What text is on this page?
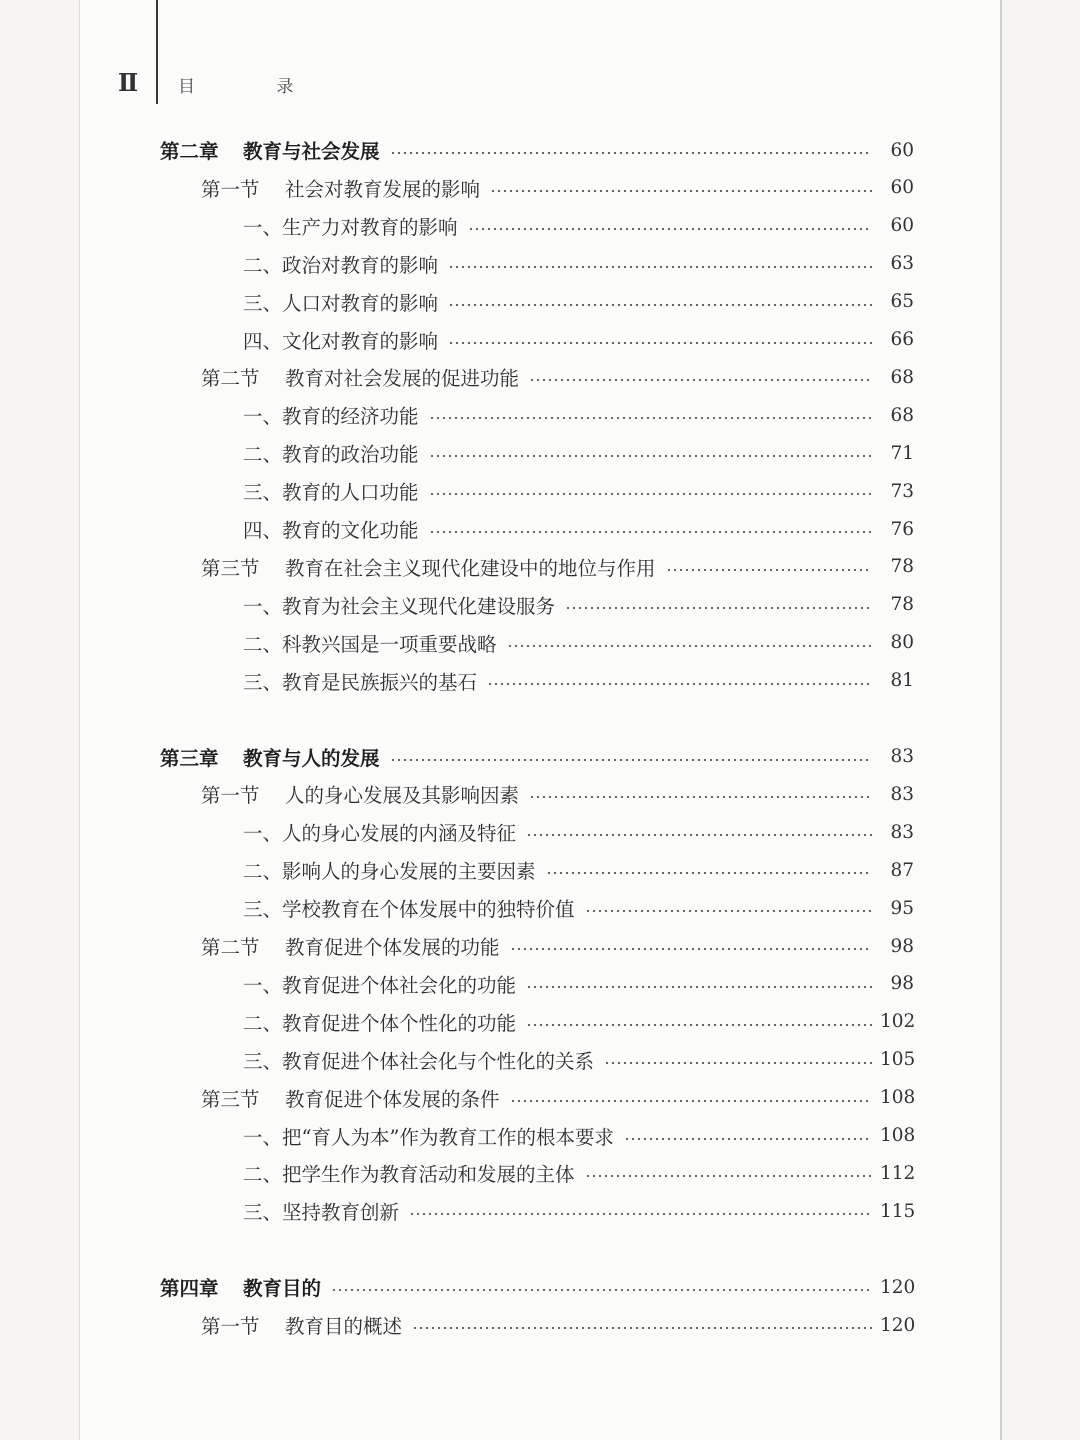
Ⅱ 目 录
第二章	教育与社会发展	60
第一节	社会对教育发展的影响	60
一、生产力对教育的影响	60
二、政治对教育的影响	63
三、人口对教育的影响	65
四、文化对教育的影响	66
第二节	教育对社会发展的促进功能	68
一、教育的经济功能	68
二、教育的政治功能	71
三、教育的人口功能	73
四、教育的文化功能	76
第三节	教育在社会主义现代化建设中的地位与作用	78
一、教育为社会主义现代化建设服务	78
二、科教兴国是一项重要战略	80
三、教育是民族振兴的基石	81
第三章	教育与人的发展	83
第一节	人的身心发展及其影响因素	83
一、人的身心发展的内涵及特征	83
二、影响人的身心发展的主要因素	87
三、学校教育在个体发展中的独特价值	95
第二节	教育促进个体发展的功能	98
一、教育促进个体社会化的功能	98
二、教育促进个体个性化的功能	102
三、教育促进个体社会化与个性化的关系	105
第三节	教育促进个体发展的条件	108
一、把“育人为本”作为教育工作的根本要求	108
二、把学生作为教育活动和发展的主体	112
三、坚持教育创新	115
第四章	教育目的	120
第一节	教育目的概述	120
